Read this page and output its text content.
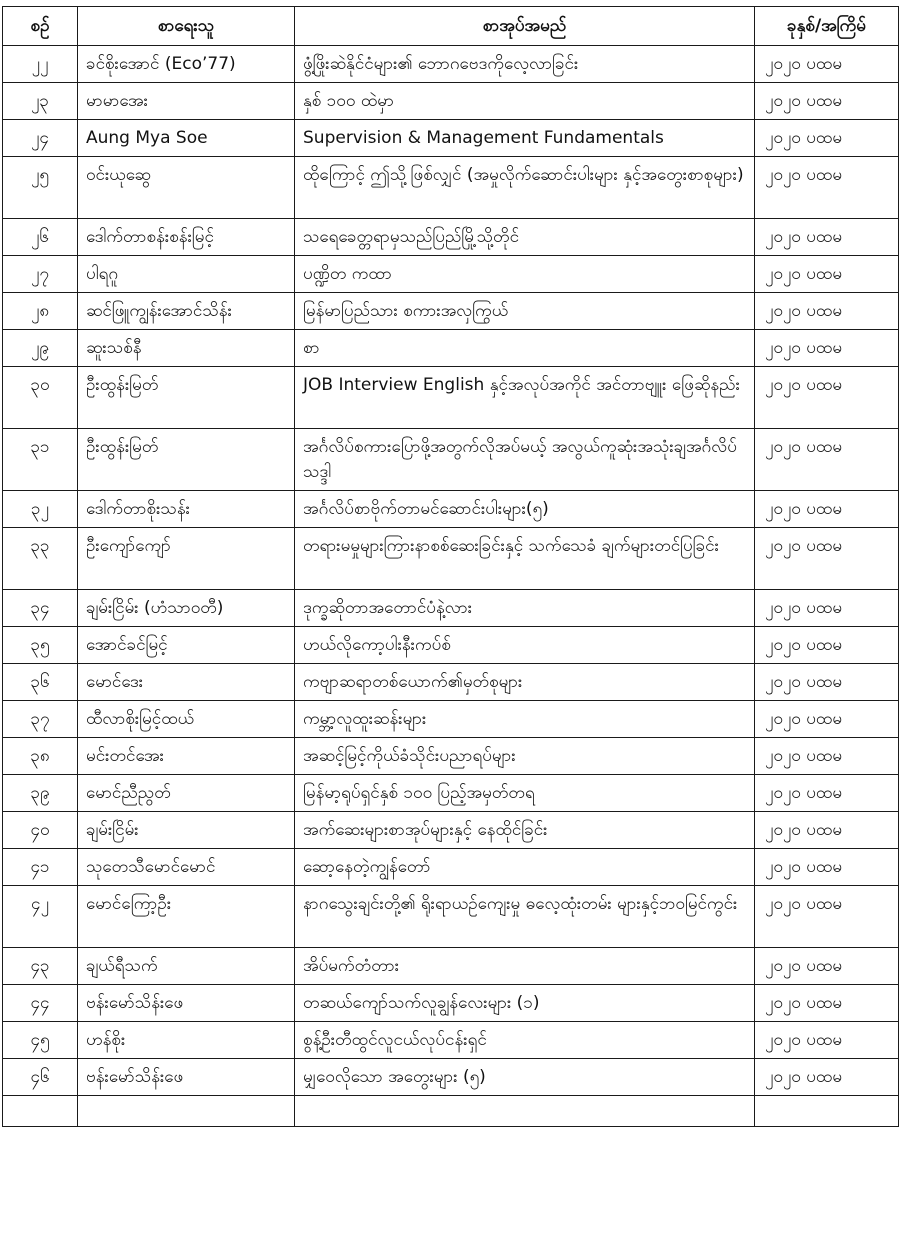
စဉ်	စာရေးသူ	စာအုပ်အမည်	ခုနှစ်/အကြိမ်
၂၂	ခင်စိုးအောင် (Eco’77)	ဖွံ့ဖြိုးဆဲနိုင်ငံများ၏ ဘောဂဗေဒကိုလေ့လာခြင်း	၂၀၂၀ ပထမ
၂၃	မာမာအေး	နှစ် ၁၀၀ ထဲမှာ	၂၀၂၀ ပထမ
၂၄	Aung Mya Soe	Supervision & Management Fundamentals	၂၀၂၀ ပထမ
၂၅	ဝင်းယုဆွေ	ထိုကြောင့် ဤသို့ဖြစ်လျှင် (အမှုလိုက်ဆောင်းပါးများ နှင့်အတွေးစာစုများ)	၂၀၂၀ ပထမ
၂၆	ဒေါက်တာစန်းစန်းမြင့်	သရေခေတ္တရာမှသည်ပြည်မြို့သို့တိုင်	၂၀၂၀ ပထမ
၂၇	ပါရဂူ	ပဏ္ဍိတ ကထာ	၂၀၂၀ ပထမ
၂၈	ဆင်ဖြူကျွန်းအောင်သိန်း	မြန်မာပြည်သား စကားအလှကြွယ်	၂၀၂၀ ပထမ
၂၉	ဆူးသစ်နီ	စာ	၂၀၂၀ ပထမ
၃၀	ဦးထွန်းမြတ်	JOB Interview English နှင့်အလုပ်အကိုင် အင်တာဗျူး ဖြေဆိုနည်း	၂၀၂၀ ပထမ
၃၁	ဦးထွန်းမြတ်	အင်္ဂလိပ်စကားပြောဖို့အတွက်လိုအပ်မယ့် အလွယ်ကူဆုံးအသုံးချအင်္ဂလိပ်သဒ္ဒါ	၂၀၂၀ ပထမ
၃၂	ဒေါက်တာစိုးသန်း	အင်္ဂလိပ်စာဗိုက်တာမင်ဆောင်းပါးများ(၅)	၂၀၂၀ ပထမ
၃၃	ဦးကျော်ကျော်	တရားမမှုများကြားနာစစ်ဆေးခြင်းနှင့် သက်သေခံ ချက်များတင်ပြခြင်း	၂၀၂၀ ပထမ
၃၄	ချမ်းငြိမ်း (ဟံသာဝတီ)	ဒုက္ခဆိုတာအတောင်ပံနဲ့လား	၂၀၂၀ ပထမ
၃၅	အောင်ခင်မြင့်	ဟယ်လိုကော့ပါးနီးကပ်စ်	၂၀၂၀ ပထမ
၃၆	မောင်ဒေး	ကဗျာဆရာတစ်ယောက်၏မှတ်စုများ	၂၀၂၀ ပထမ
၃၇	ထီလာစိုးမြင့်ထယ်	ကမ္ဘာ့လူထူးဆန်းများ	၂၀၂၀ ပထမ
၃၈	မင်းတင်အေး	အဆင့်မြင့်ကိုယ်ခံသိုင်းပညာရပ်များ	၂၀၂၀ ပထမ
၃၉	မောင်ညီညွတ်	မြန်မာ့ရုပ်ရှင်နှစ် ၁၀၀ ပြည့်အမှတ်တရ	၂၀၂၀ ပထမ
၄၀	ချမ်းငြိမ်း	အက်ဆေးများစာအုပ်များနှင့် နေထိုင်ခြင်း	၂၀၂၀ ပထမ
၄၁	သုတေသီမောင်မောင်	ဆော့နေတဲ့ကျွန်တော်	၂၀၂၀ ပထမ
၄၂	မောင်ကြော့ဦး	နာဂသွေးချင်းတို့၏ ရိုးရာယဉ်ကျေးမှု ဓလေ့ထုံးတမ်း များနှင့်ဘဝမြင်ကွင်း	၂၀၂၀ ပထမ
၄၃	ချယ်ရီသက်	အိပ်မက်တံတား	၂၀၂၀ ပထမ
၄၄	ဗန်းမော်သိန်းဖေ	တဆယ်ကျော်သက်လူချွန်လေးများ (၁)	၂၀၂၀ ပထမ
၄၅	ဟန်စိုး	စွန့်ဦးတီထွင်လူငယ်လုပ်ငန်းရှင်	၂၀၂၀ ပထမ
၄၆	ဗန်းမော်သိန်းဖေ	မျှဝေလိုသော အတွေးများ (၅)	၂၀၂၀ ပထမ
